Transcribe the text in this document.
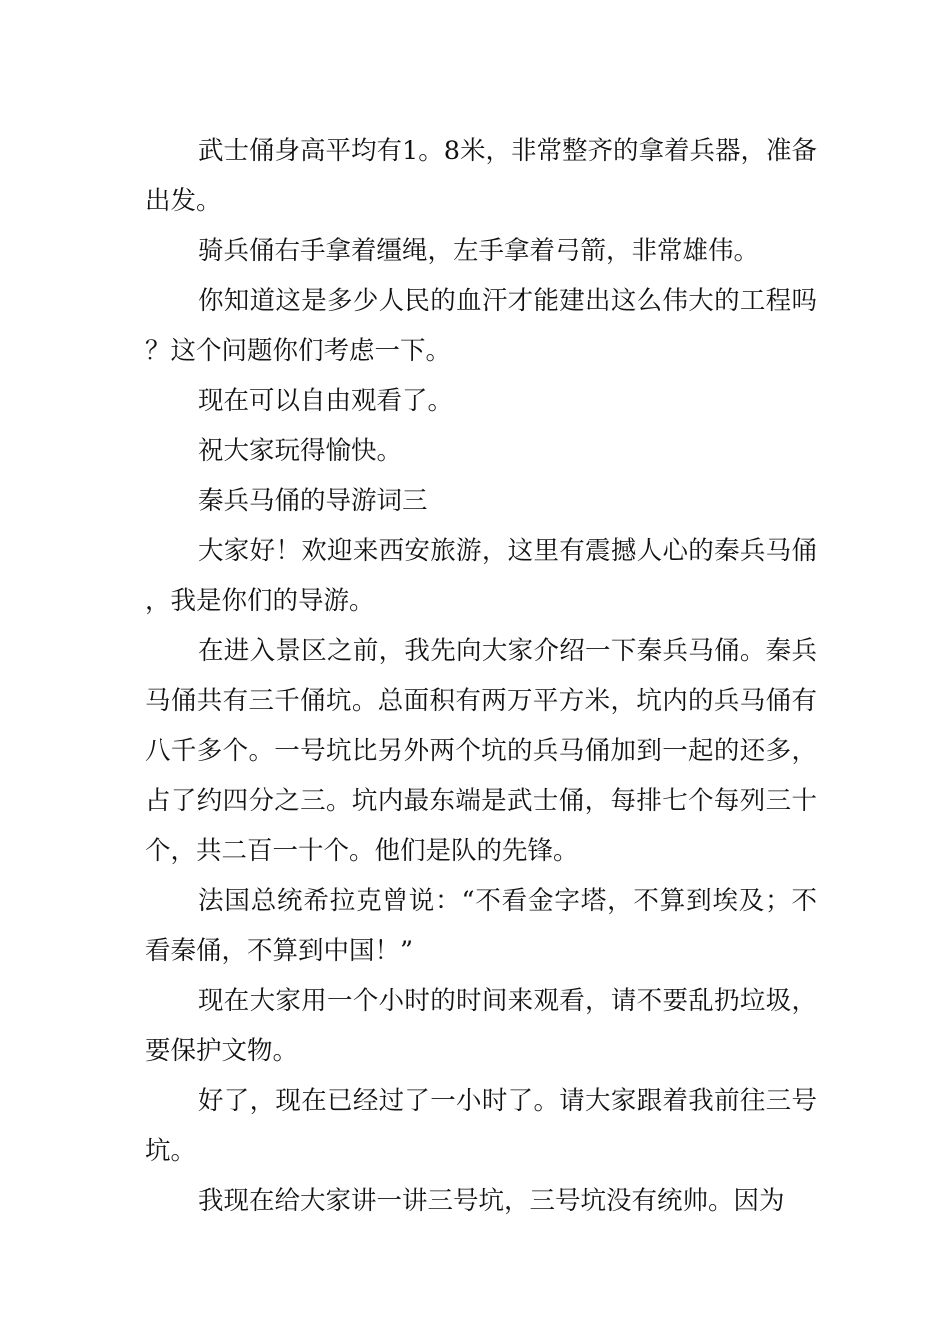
武士俑身高平均有1。8米，非常整齐的拿着兵器，准备出发。

骑兵俑右手拿着缰绳，左手拿着弓箭，非常雄伟。

你知道这是多少人民的血汗才能建出这么伟大的工程吗？这个问题你们考虑一下。

现在可以自由观看了。

祝大家玩得愉快。

秦兵马俑的导游词三

大家好！欢迎来西安旅游，这里有震撼人心的秦兵马俑，我是你们的导游。

在进入景区之前，我先向大家介绍一下秦兵马俑。秦兵马俑共有三千俑坑。总面积有两万平方米，坑内的兵马俑有八千多个。一号坑比另外两个坑的兵马俑加到一起的还多，占了约四分之三。坑内最东端是武士俑，每排七个每列三十个，共二百一十个。他们是队的先锋。

法国总统希拉克曾说：“不看金字塔，不算到埃及；不看秦俑，不算到中国！”

现在大家用一个小时的时间来观看，请不要乱扔垃圾，要保护文物。

好了，现在已经过了一小时了。请大家跟着我前往三号坑。

我现在给大家讲一讲三号坑，三号坑没有统帅。因为
